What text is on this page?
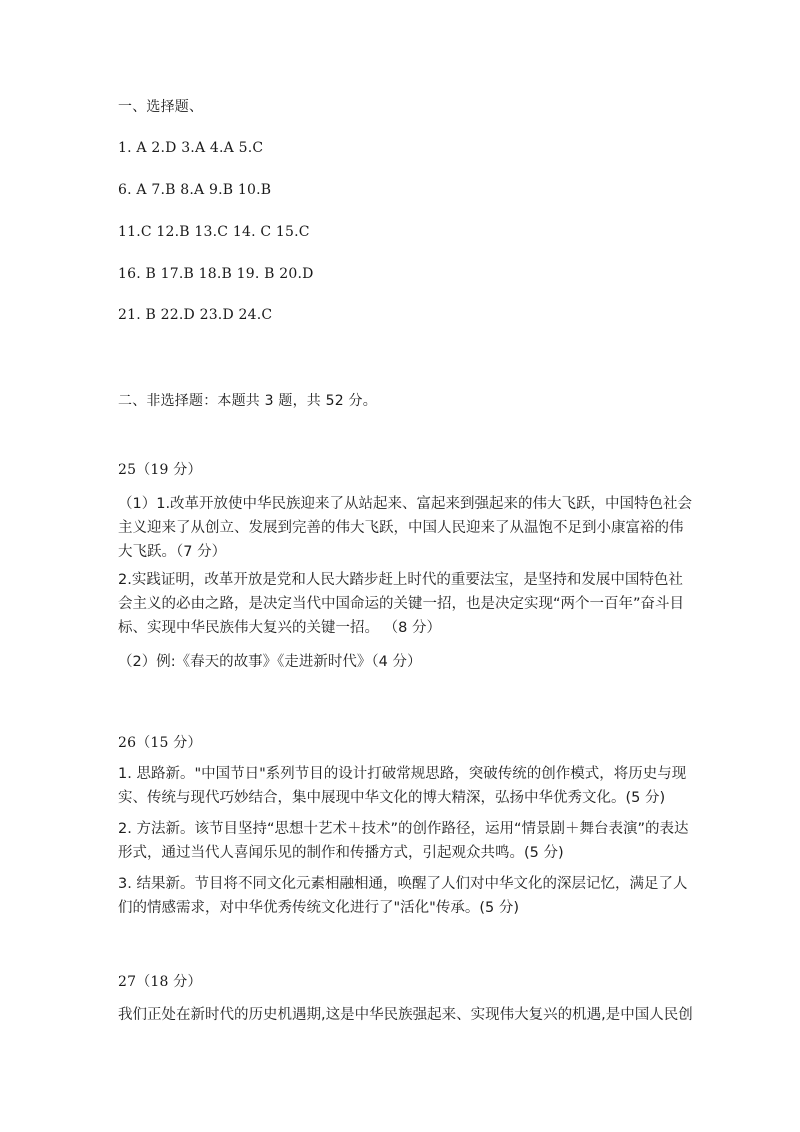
一、选择题、
1. A 2.D 3.A 4.A 5.C
6. A 7.B 8.A 9.B 10.B
11.C 12.B 13.C 14. C 15.C
16. B 17.B 18.B 19. B 20.D
21. B 22.D 23.D 24.C
二、非选择题：本题共 3 题，共 52 分。
25（19 分）
（1）1.改革开放使中华民族迎来了从站起来、富起来到强起来的伟大飞跃，中国特色社会主义迎来了从创立、发展到完善的伟大飞跃，中国人民迎来了从温饱不足到小康富裕的伟大飞跃。（7 分）
2.实践证明，改革开放是党和人民大踏步赶上时代的重要法宝，是坚持和发展中国特色社会主义的必由之路，是决定当代中国命运的关键一招，也是决定实现“两个一百年”奋斗目标、实现中华民族伟大复兴的关键一招。 （8 分）
（2）例:《春天的故事》《走进新时代》（4 分）
26（15 分）
1. 思路新。"中国节日"系列节目的设计打破常规思路，突破传统的创作模式，将历史与现实、传统与现代巧妙结合，集中展现中华文化的博大精深，弘扬中华优秀文化。(5 分)
2. 方法新。该节目坚持“思想十艺术＋技术”的创作路径，运用“情景剧＋舞台表演”的表达形式，通过当代人喜闻乐见的制作和传播方式，引起观众共鸣。(5 分)
3. 结果新。节目将不同文化元素相融相通，唤醒了人们对中华文化的深层记忆，满足了人们的情感需求，对中华优秀传统文化进行了"活化"传承。(5 分)
27（18 分）
我们正处在新时代的历史机遇期,这是中华民族强起来、实现伟大复兴的机遇,是中国人民创
